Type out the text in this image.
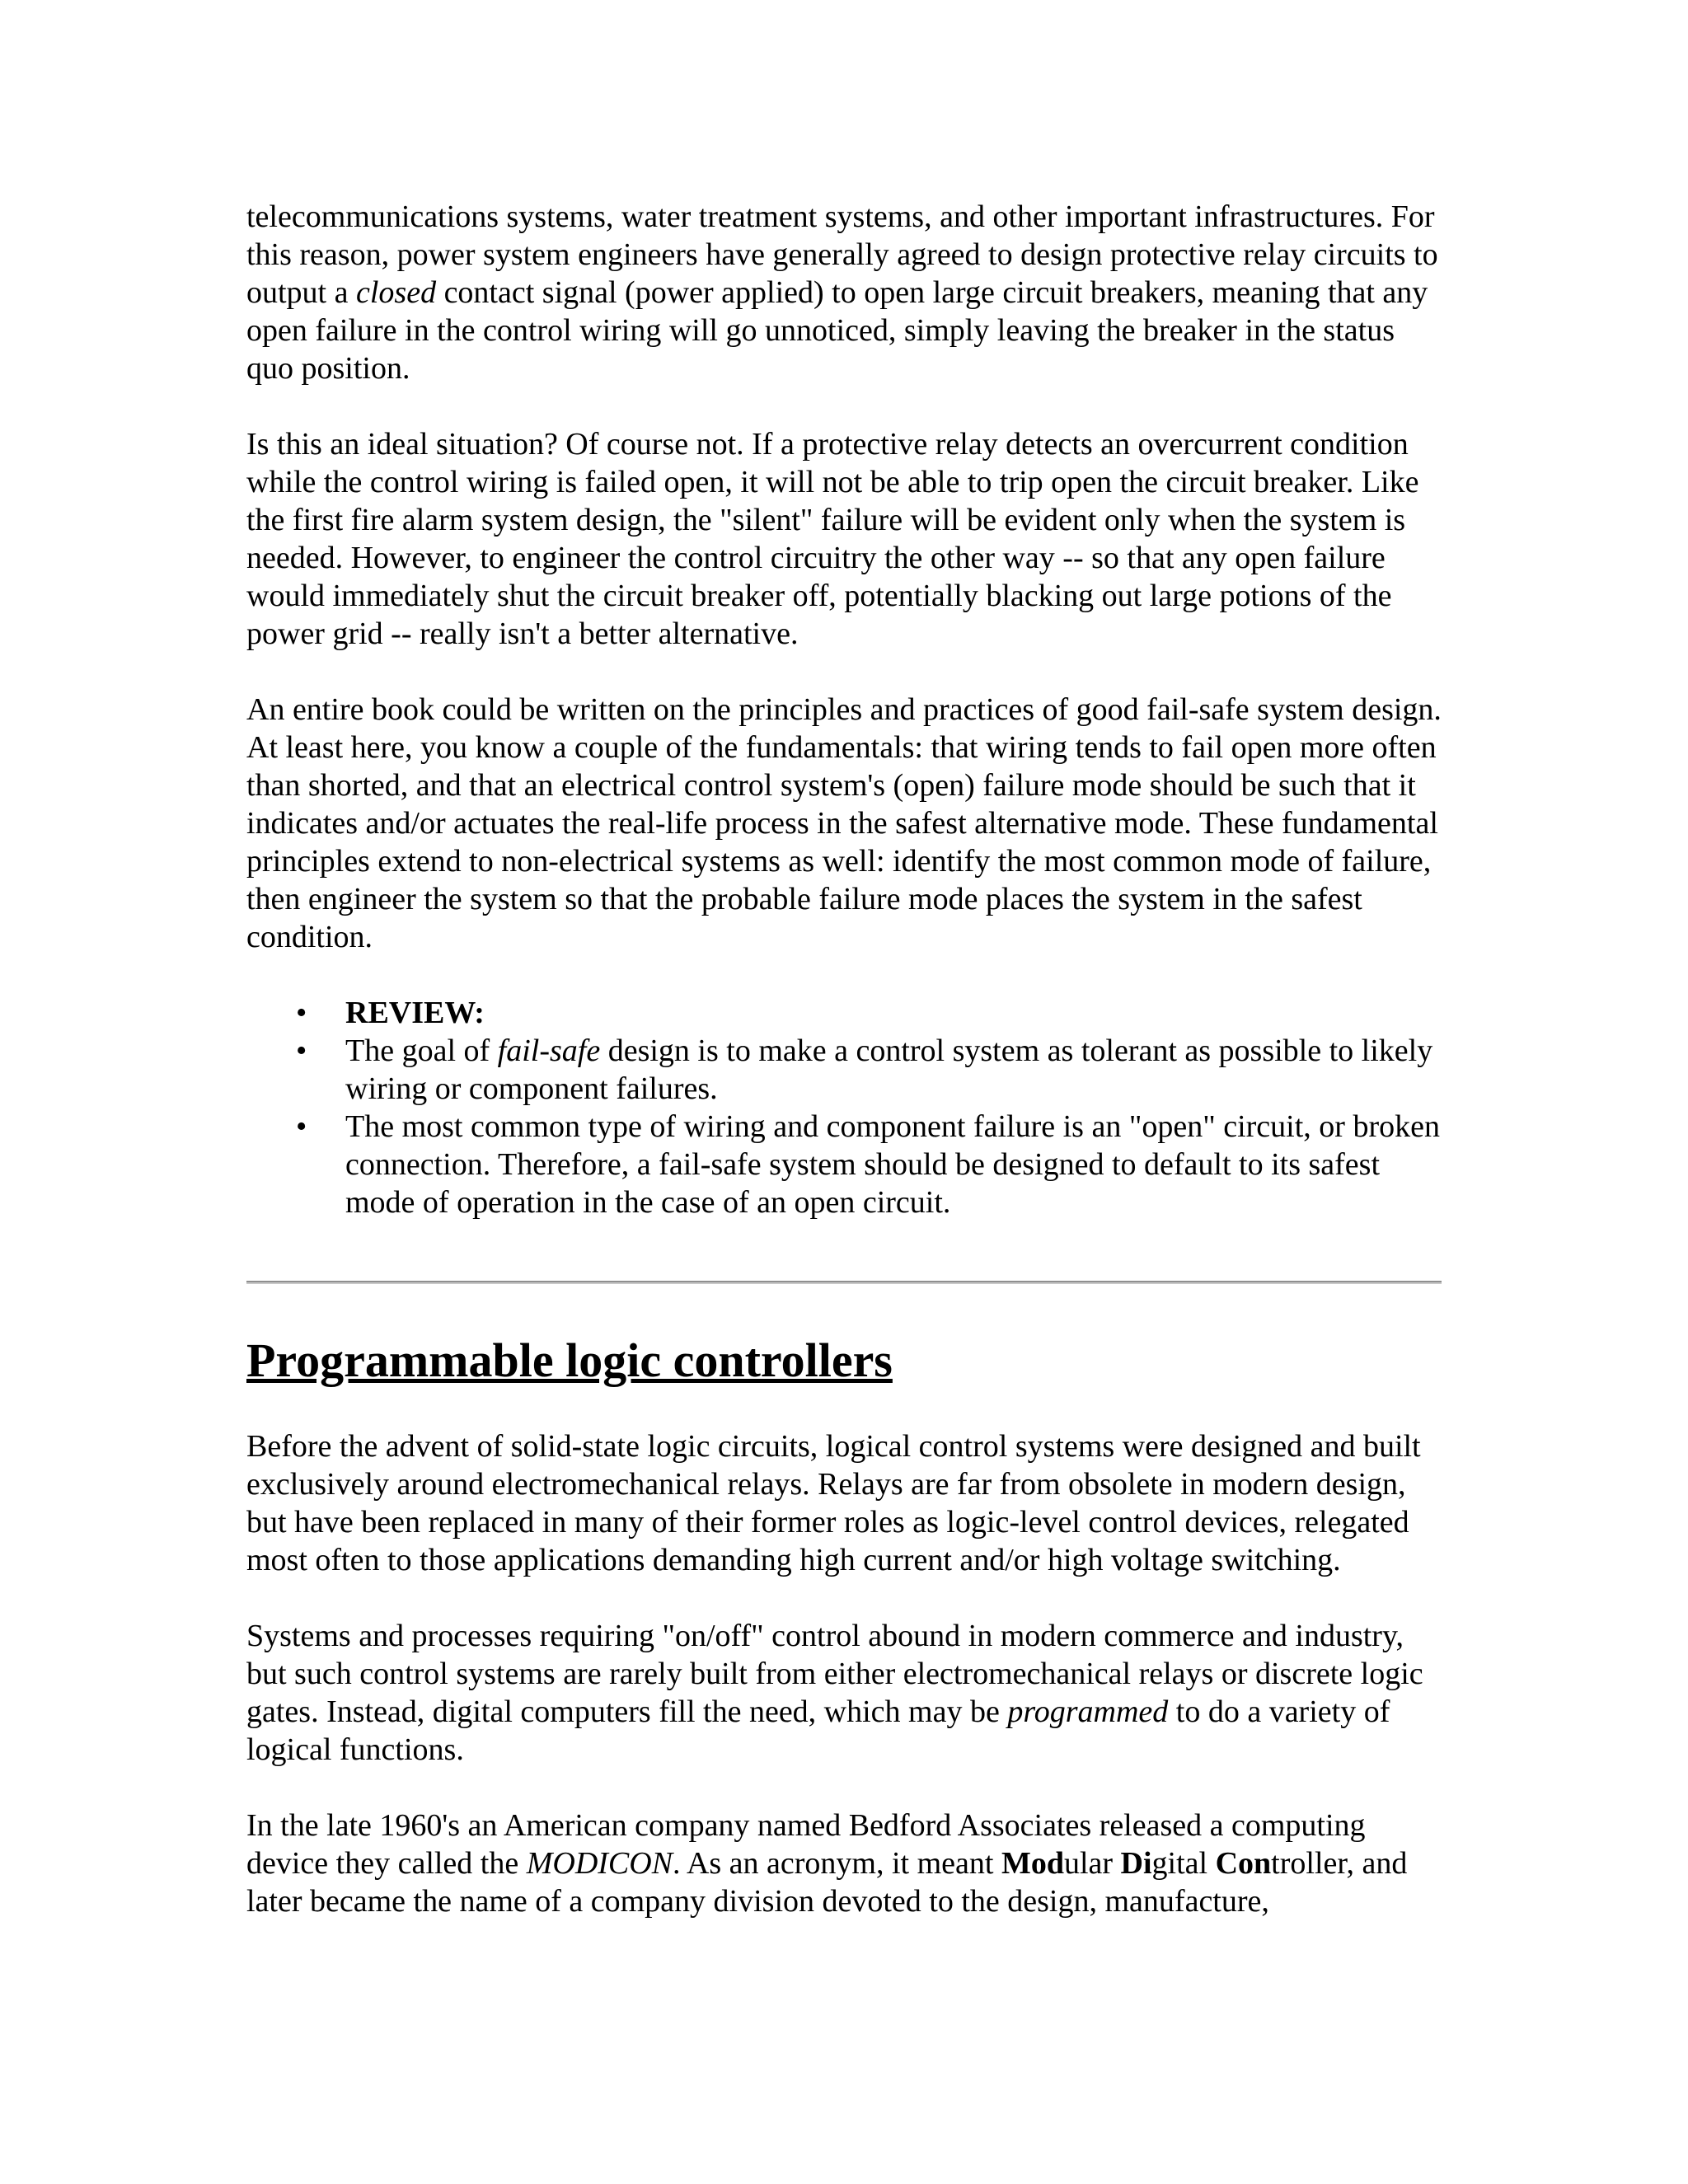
telecommunications systems, water treatment systems, and other important infrastructures. For this reason, power system engineers have generally agreed to design protective relay circuits to output a closed contact signal (power applied) to open large circuit breakers, meaning that any open failure in the control wiring will go unnoticed, simply leaving the breaker in the status quo position.

Is this an ideal situation? Of course not. If a protective relay detects an overcurrent condition while the control wiring is failed open, it will not be able to trip open the circuit breaker. Like the first fire alarm system design, the "silent" failure will be evident only when the system is needed. However, to engineer the control circuitry the other way -- so that any open failure would immediately shut the circuit breaker off, potentially blacking out large potions of the power grid -- really isn't a better alternative.

An entire book could be written on the principles and practices of good fail-safe system design. At least here, you know a couple of the fundamentals: that wiring tends to fail open more often than shorted, and that an electrical control system's (open) failure mode should be such that it indicates and/or actuates the real-life process in the safest alternative mode. These fundamental principles extend to non-electrical systems as well: identify the most common mode of failure, then engineer the system so that the probable failure mode places the system in the safest condition.

• REVIEW:
• The goal of fail-safe design is to make a control system as tolerant as possible to likely wiring or component failures.
• The most common type of wiring and component failure is an "open" circuit, or broken connection. Therefore, a fail-safe system should be designed to default to its safest mode of operation in the case of an open circuit.
Programmable logic controllers

Before the advent of solid-state logic circuits, logical control systems were designed and built exclusively around electromechanical relays. Relays are far from obsolete in modern design, but have been replaced in many of their former roles as logic-level control devices, relegated most often to those applications demanding high current and/or high voltage switching.

Systems and processes requiring "on/off" control abound in modern commerce and industry, but such control systems are rarely built from either electromechanical relays or discrete logic gates. Instead, digital computers fill the need, which may be programmed to do a variety of logical functions.

In the late 1960's an American company named Bedford Associates released a computing device they called the MODICON. As an acronym, it meant Modular Digital Controller, and later became the name of a company division devoted to the design, manufacture,
